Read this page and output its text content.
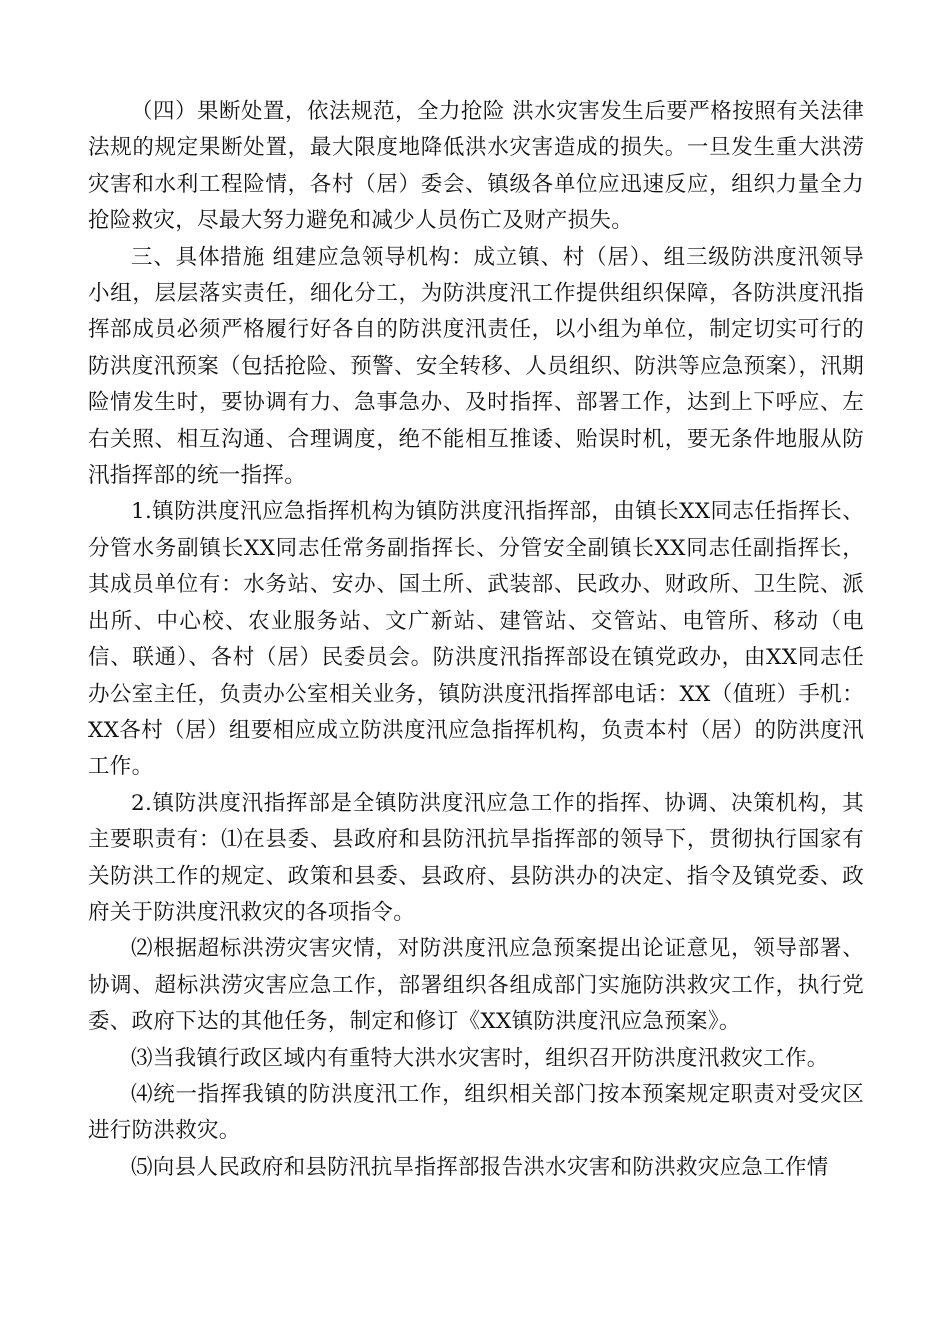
（四）果断处置，依法规范，全力抢险 洪水灾害发生后要严格按照有关法律法规的规定果断处置，最大限度地降低洪水灾害造成的损失。一旦发生重大洪涝灾害和水利工程险情，各村（居）委会、镇级各单位应迅速反应，组织力量全力抢险救灾，尽最大努力避免和减少人员伤亡及财产损失。

三、具体措施 组建应急领导机构：成立镇、村（居）、组三级防洪度汛领导小组，层层落实责任，细化分工，为防洪度汛工作提供组织保障，各防洪度汛指挥部成员必须严格履行好各自的防洪度汛责任，以小组为单位，制定切实可行的防洪度汛预案（包括抢险、预警、安全转移、人员组织、防洪等应急预案），汛期险情发生时，要协调有力、急事急办、及时指挥、部署工作，达到上下呼应、左右关照、相互沟通、合理调度，绝不能相互推诿、贻误时机，要无条件地服从防汛指挥部的统一指挥。

1.镇防洪度汛应急指挥机构为镇防洪度汛指挥部，由镇长XX同志任指挥长、分管水务副镇长XX同志任常务副指挥长、分管安全副镇长XX同志任副指挥长，其成员单位有：水务站、安办、国土所、武装部、民政办、财政所、卫生院、派出所、中心校、农业服务站、文广新站、建管站、交管站、电管所、移动（电信、联通）、各村（居）民委员会。防洪度汛指挥部设在镇党政办，由XX同志任办公室主任，负责办公室相关业务，镇防洪度汛指挥部电话：XX（值班）手机：XX各村（居）组要相应成立防洪度汛应急指挥机构，负责本村（居）的防洪度汛工作。

2.镇防洪度汛指挥部是全镇防洪度汛应急工作的指挥、协调、决策机构，其主要职责有：⑴在县委、县政府和县防汛抗旱指挥部的领导下，贯彻执行国家有关防洪工作的规定、政策和县委、县政府、县防洪办的决定、指令及镇党委、政府关于防洪度汛救灾的各项指令。

⑵根据超标洪涝灾害灾情，对防洪度汛应急预案提出论证意见，领导部署、协调、超标洪涝灾害应急工作，部署组织各组成部门实施防洪救灾工作，执行党委、政府下达的其他任务，制定和修订《XX镇防洪度汛应急预案》。

⑶当我镇行政区域内有重特大洪水灾害时，组织召开防洪度汛救灾工作。

⑷统一指挥我镇的防洪度汛工作，组织相关部门按本预案规定职责对受灾区进行防洪救灾。

⑸向县人民政府和县防汛抗旱指挥部报告洪水灾害和防洪救灾应急工作情
